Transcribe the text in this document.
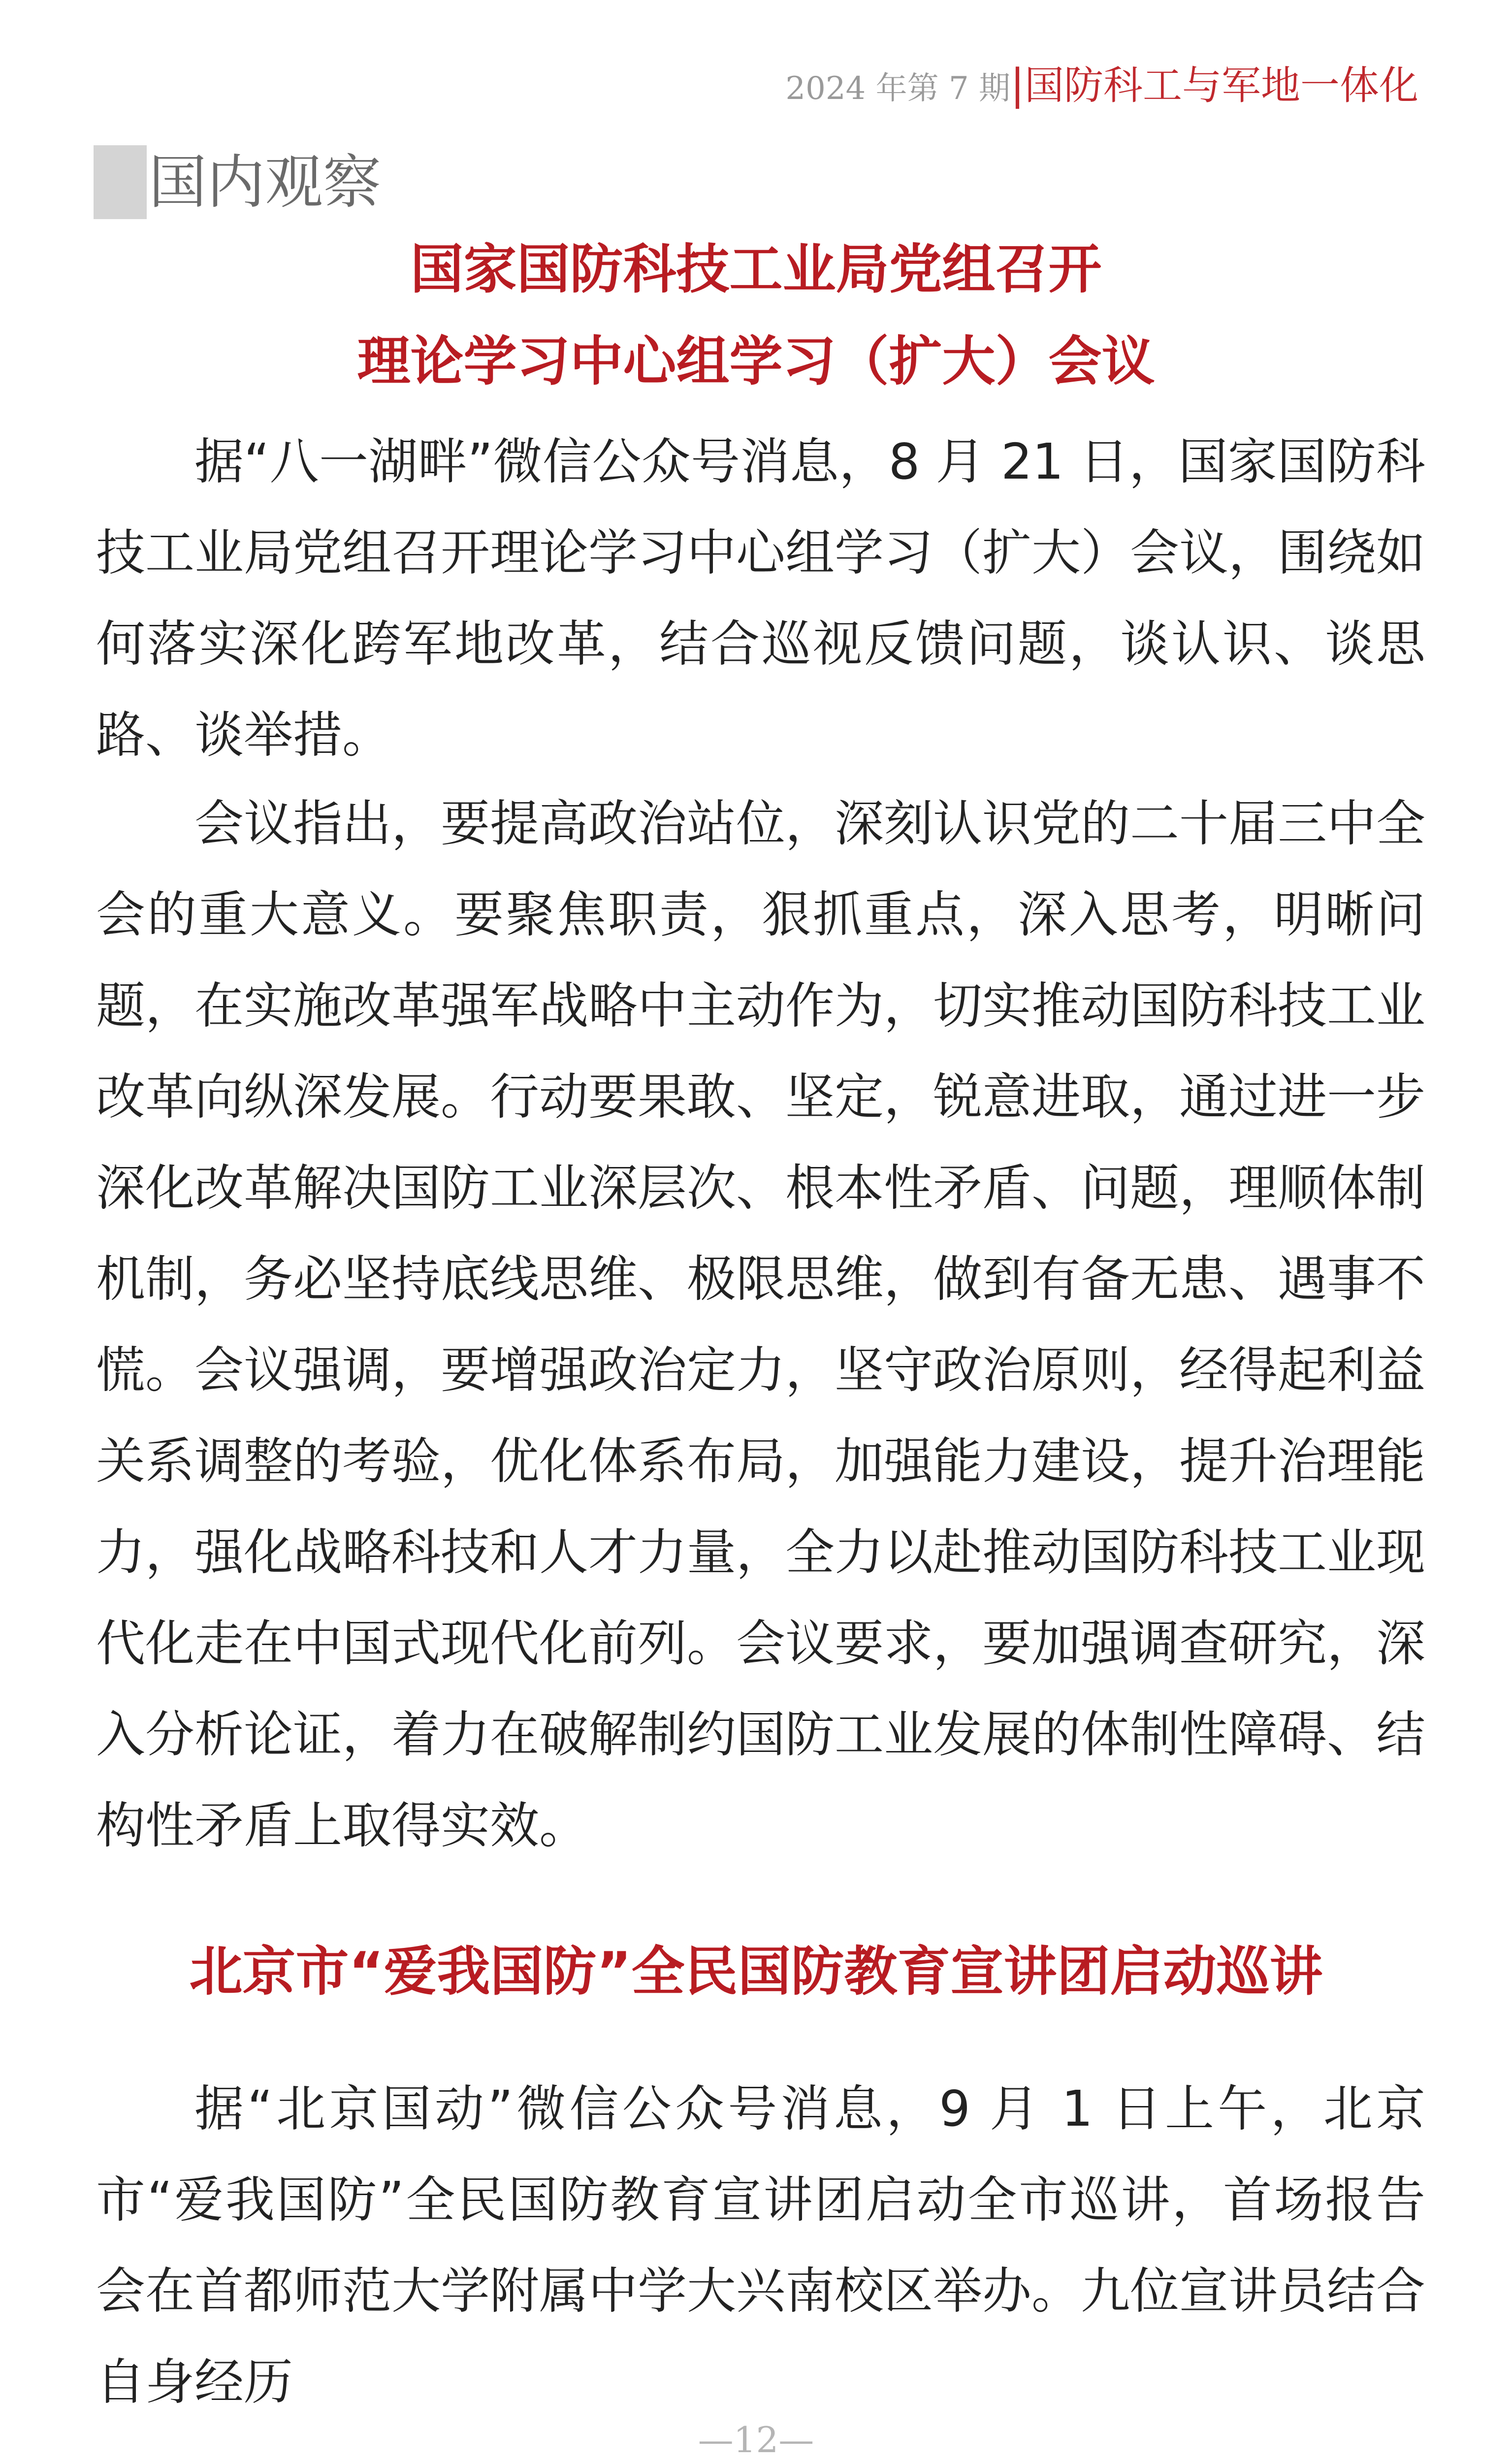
2024 年第 7 期|国防科工与军地一体化
国内观察
国家国防科技工业局党组召开
理论学习中心组学习（扩大）会议

据“八一湖畔”微信公众号消息，8 月 21 日，国家国防科技工业局党组召开理论学习中心组学习（扩大）会议，围绕如何落实深化跨军地改革，结合巡视反馈问题，谈认识、谈思路、谈举措。

会议指出，要提高政治站位，深刻认识党的二十届三中全会的重大意义。要聚焦职责，狠抓重点，深入思考，明晰问题，在实施改革强军战略中主动作为，切实推动国防科技工业改革向纵深发展。行动要果敢、坚定，锐意进取，通过进一步深化改革解决国防工业深层次、根本性矛盾、问题，理顺体制机制，务必坚持底线思维、极限思维，做到有备无患、遇事不慌。 会议强调，要增强政治定力，坚守政治原则，经得起利益关系调整的考验，优化体系布局，加强能力建设，提升治理能力，强化战略科技和人才力量，全力以赴推动国防科技工业现代化走在中国式现代化前列。会议要求，要加强调查研究，深入分析论证，着力在破解制约国防工业发展的体制性障碍、结构性矛盾上取得实效。

北京市“爱我国防”全民国防教育宣讲团启动巡讲

据“北京国动”微信公众号消息，9 月 1 日上午，北京市“爱我国防”全民国防教育宣讲团启动全市巡讲，首场报告会在首都师范大学附属中学大兴南校区举办。九位宣讲员结合自身经历

—12—
